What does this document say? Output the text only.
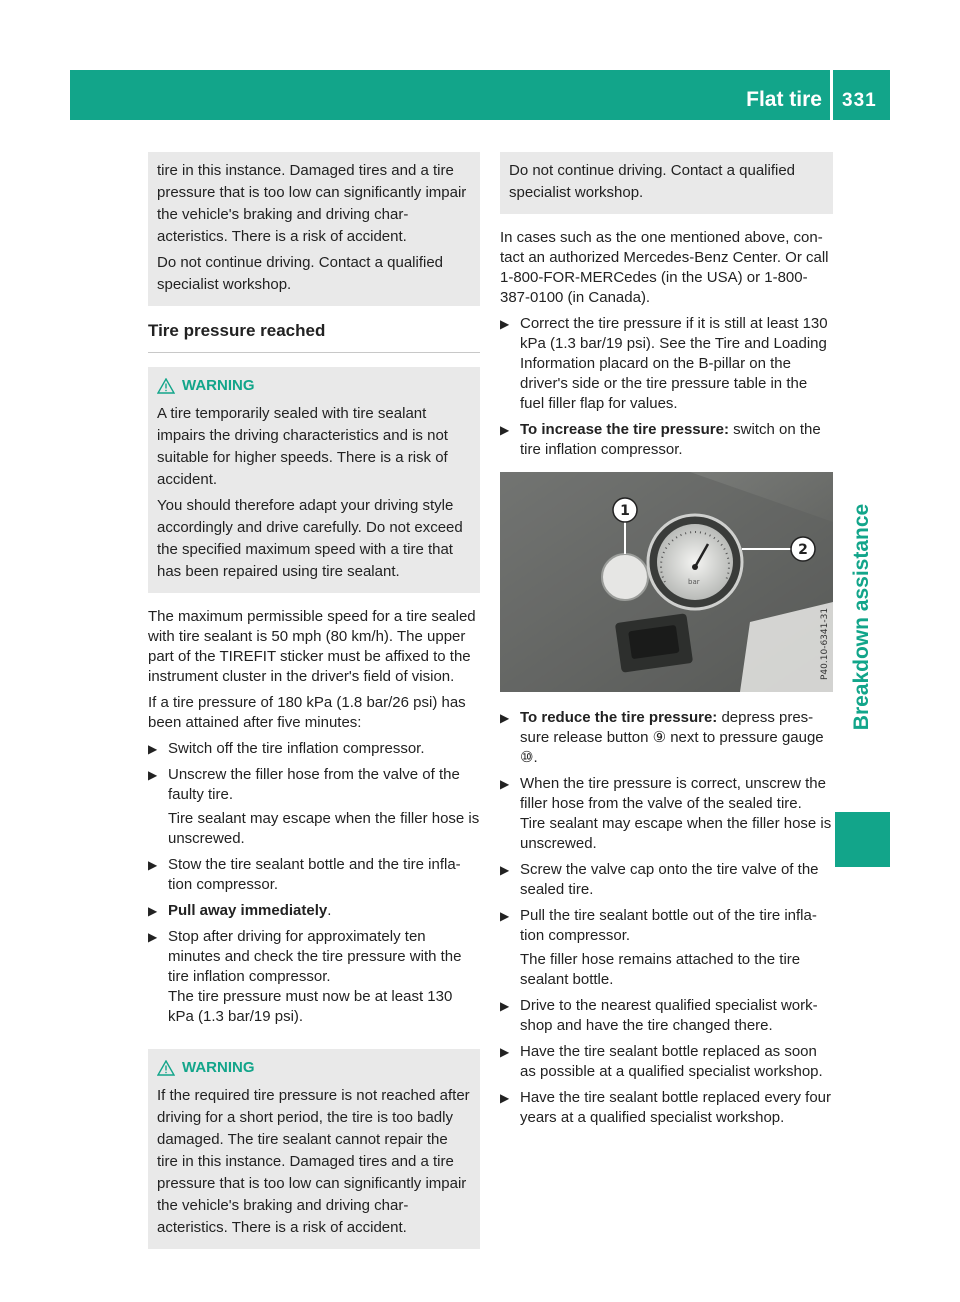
Flat tire 331
Breakdown assistance

tire in this instance. Damaged tires and a tire pressure that is too low can significantly impair the vehicle's braking and driving char-acteristics. There is a risk of accident.

Do not continue driving. Contact a qualified specialist workshop.

Tire pressure reached
WARNING

A tire temporarily sealed with tire sealant impairs the driving characteristics and is not suitable for higher speeds. There is a risk of accident.

You should therefore adapt your driving style accordingly and drive carefully. Do not exceed the specified maximum speed with a tire that has been repaired using tire sealant.

The maximum permissible speed for a tire sealed with tire sealant is 50 mph (80 km/h). The upper part of the TIREFIT sticker must be affixed to the instrument cluster in the driver's field of vision.

If a tire pressure of 180 kPa (1.8 bar/26 psi) has been attained after five minutes:

▶ Switch off the tire inflation compressor.

▶ Unscrew the filler hose from the valve of the faulty tire.

Tire sealant may escape when the filler hose is unscrewed.

▶ Stow the tire sealant bottle and the tire infla-tion compressor.

▶ Pull away immediately.

▶ Stop after driving for approximately ten minutes and check the tire pressure with the tire inflation compressor.

The tire pressure must now be at least 130 kPa (1.3 bar/19 psi).

WARNING

If the required tire pressure is not reached after driving for a short period, the tire is too badly damaged. The tire sealant cannot repair the tire in this instance. Damaged tires and a tire pressure that is too low can significantly impair the vehicle's braking and driving char-acteristics. There is a risk of accident.

Do not continue driving. Contact a qualified specialist workshop.

In cases such as the one mentioned above, con-tact an authorized Mercedes-Benz Center. Or call 1-800-FOR-MERCedes (in the USA) or 1-800-387-0100 (in Canada).

▶ Correct the tire pressure if it is still at least 130 kPa (1.3 bar/19 psi). See the Tire and Loading Information placard on the B-pillar on the driver's side or the tire pressure table in the fuel filler flap for values.

▶ To increase the tire pressure: switch on the tire inflation compressor.

bar
1
2
P40.10-6341-31
▶ To reduce the tire pressure: depress pres-sure release button ⑨ next to pressure gauge ⑩.

▶ When the tire pressure is correct, unscrew the filler hose from the valve of the sealed tire.

Tire sealant may escape when the filler hose is unscrewed.

▶ Screw the valve cap onto the tire valve of the sealed tire.

▶ Pull the tire sealant bottle out of the tire infla-tion compressor.

The filler hose remains attached to the tire sealant bottle.

▶ Drive to the nearest qualified specialist work-shop and have the tire changed there.

▶ Have the tire sealant bottle replaced as soon as possible at a qualified specialist workshop.

▶ Have the tire sealant bottle replaced every four years at a qualified specialist workshop.
